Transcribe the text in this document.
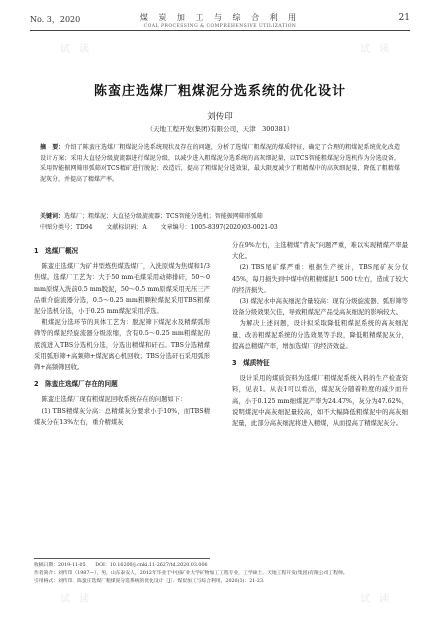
No. 3，2020	煤 炭 加 工 与 综 合 利 用
COAL PROCESSING & COMPREHENSIVE UTILIZATION
21
陈蛮庄选煤厂粗煤泥分选系统的优化设计
刘传印
（天地工程开发(集团)有限公司，天津　300381）
摘　要：介绍了陈蛮庄选煤厂粗煤泥分选系统现状及存在的问题，分析了选煤厂粗煤泥的煤质特征，确定了合理的粗煤泥系统优化改造设计方案；采用大直径分级旋流器进行煤泥分级，以减少进入粗煤泥分选系统的高灰细泥量，以TCS智能粗煤泥分选机作为分选设备，采用智能振网筛形弧筛对TCS精矿进行脱泥；改造后，提高了粗煤泥分选效果，最大限度减少了粗精煤中的高灰细泥量，降低了粗精煤泥灰分，并提高了精煤产率。
关键词：选煤厂；粗煤泥；大直径分级旋流器；TCS智能分选机；智能振网筛形弧筛
中图分类号：TD94 文献标识码：A 文章编号：1005-8397(2020)03-0021-03

1　选煤厂概况

陈蛮庄选煤厂为矿井型炼焦煤选煤厂，入洗原煤为焦煤和1/3焦煤。选煤厂工艺为：大于50 mm毛煤采用动筛排矸，50～0 mm原煤入洗前0.5 mm脱泥，50～0.5 mm原煤采用无压三产品重介旋流器分选，0.5～0.25 mm粗颗粒煤泥采用TBS粗煤泥分选机分选，小于0.25 mm煤泥采用浮选。

粗煤泥分选环节的具体工艺为：脱泥筛下煤泥水及精煤弧形筛等的煤泥经旋流器分级浓缩，含有0.5～0.25 mm粗煤泥的底流进入TBS分选机分选，分选出精煤和矸石。TBS分选精煤采用弧形筛+高频筛+煤泥离心机回收；TBS分选矸石采用弧形筛+高频筛回收。

2　陈蛮庄选煤厂存在的问题

陈蛮庄选煤厂现有粗煤泥回收系统存在的问题如下：

(1) TBS精煤灰分高：总精煤灰分要求小于10%，而TBS精煤灰分在13%左右，重介精煤灰

分在9%左右，主选精煤“背灰”问题严重，难以实现精煤产率最大化。

(2) TBS尾矿煤严重：根据生产统计，TBS尾矿灰分仅45%，每月损失到中煤中的粗精煤泥1 500 t左右，造成了较大的经济损失。

(3) 煤泥水中高灰细泥含量较高：现有分级旋流器、弧形筛等设备分级效果欠佳，导致粗煤泥产品受高灰细泥的影响较大。

为解决上述问题，设计拟采取降低粗煤泥系统的高灰细泥量、改善粗煤泥系统的分选效果等手段，降低粗精煤泥灰分，提高总精煤产率，增加选煤厂的经济效益。

3　煤质特征

设计采用的煤质资料为选煤厂粗煤泥系统入料的生产检查资料，见表1。从表1可以看出，煤泥灰分随着粒度的减少而升高，小于0.125 mm细煤泥产率为24.47%，灰分为47.62%，说明煤泥中高灰细泥量较高，如不大幅降低粗煤泥中的高灰细泥量，此部分高灰细泥将进入精煤，从而提高了精煤泥灰分。

收稿日期：2019-11-05　　DOI：10.16200/j.cnki.11-2627/td.2020.03.006
作者简介：刘传印（1987—），男，山东泰安人，2012年毕业于中国矿业大学矿物加工工程专业，工学硕士，天地工程开发(集团)有限公司工程师。
引用格式：刘传印．陈蛮庄选煤厂粗煤泥分选系统的优化设计［J］．煤炭加工与综合利用，2020(3)：21-23.
试 读	试 读
试 读	试 读
